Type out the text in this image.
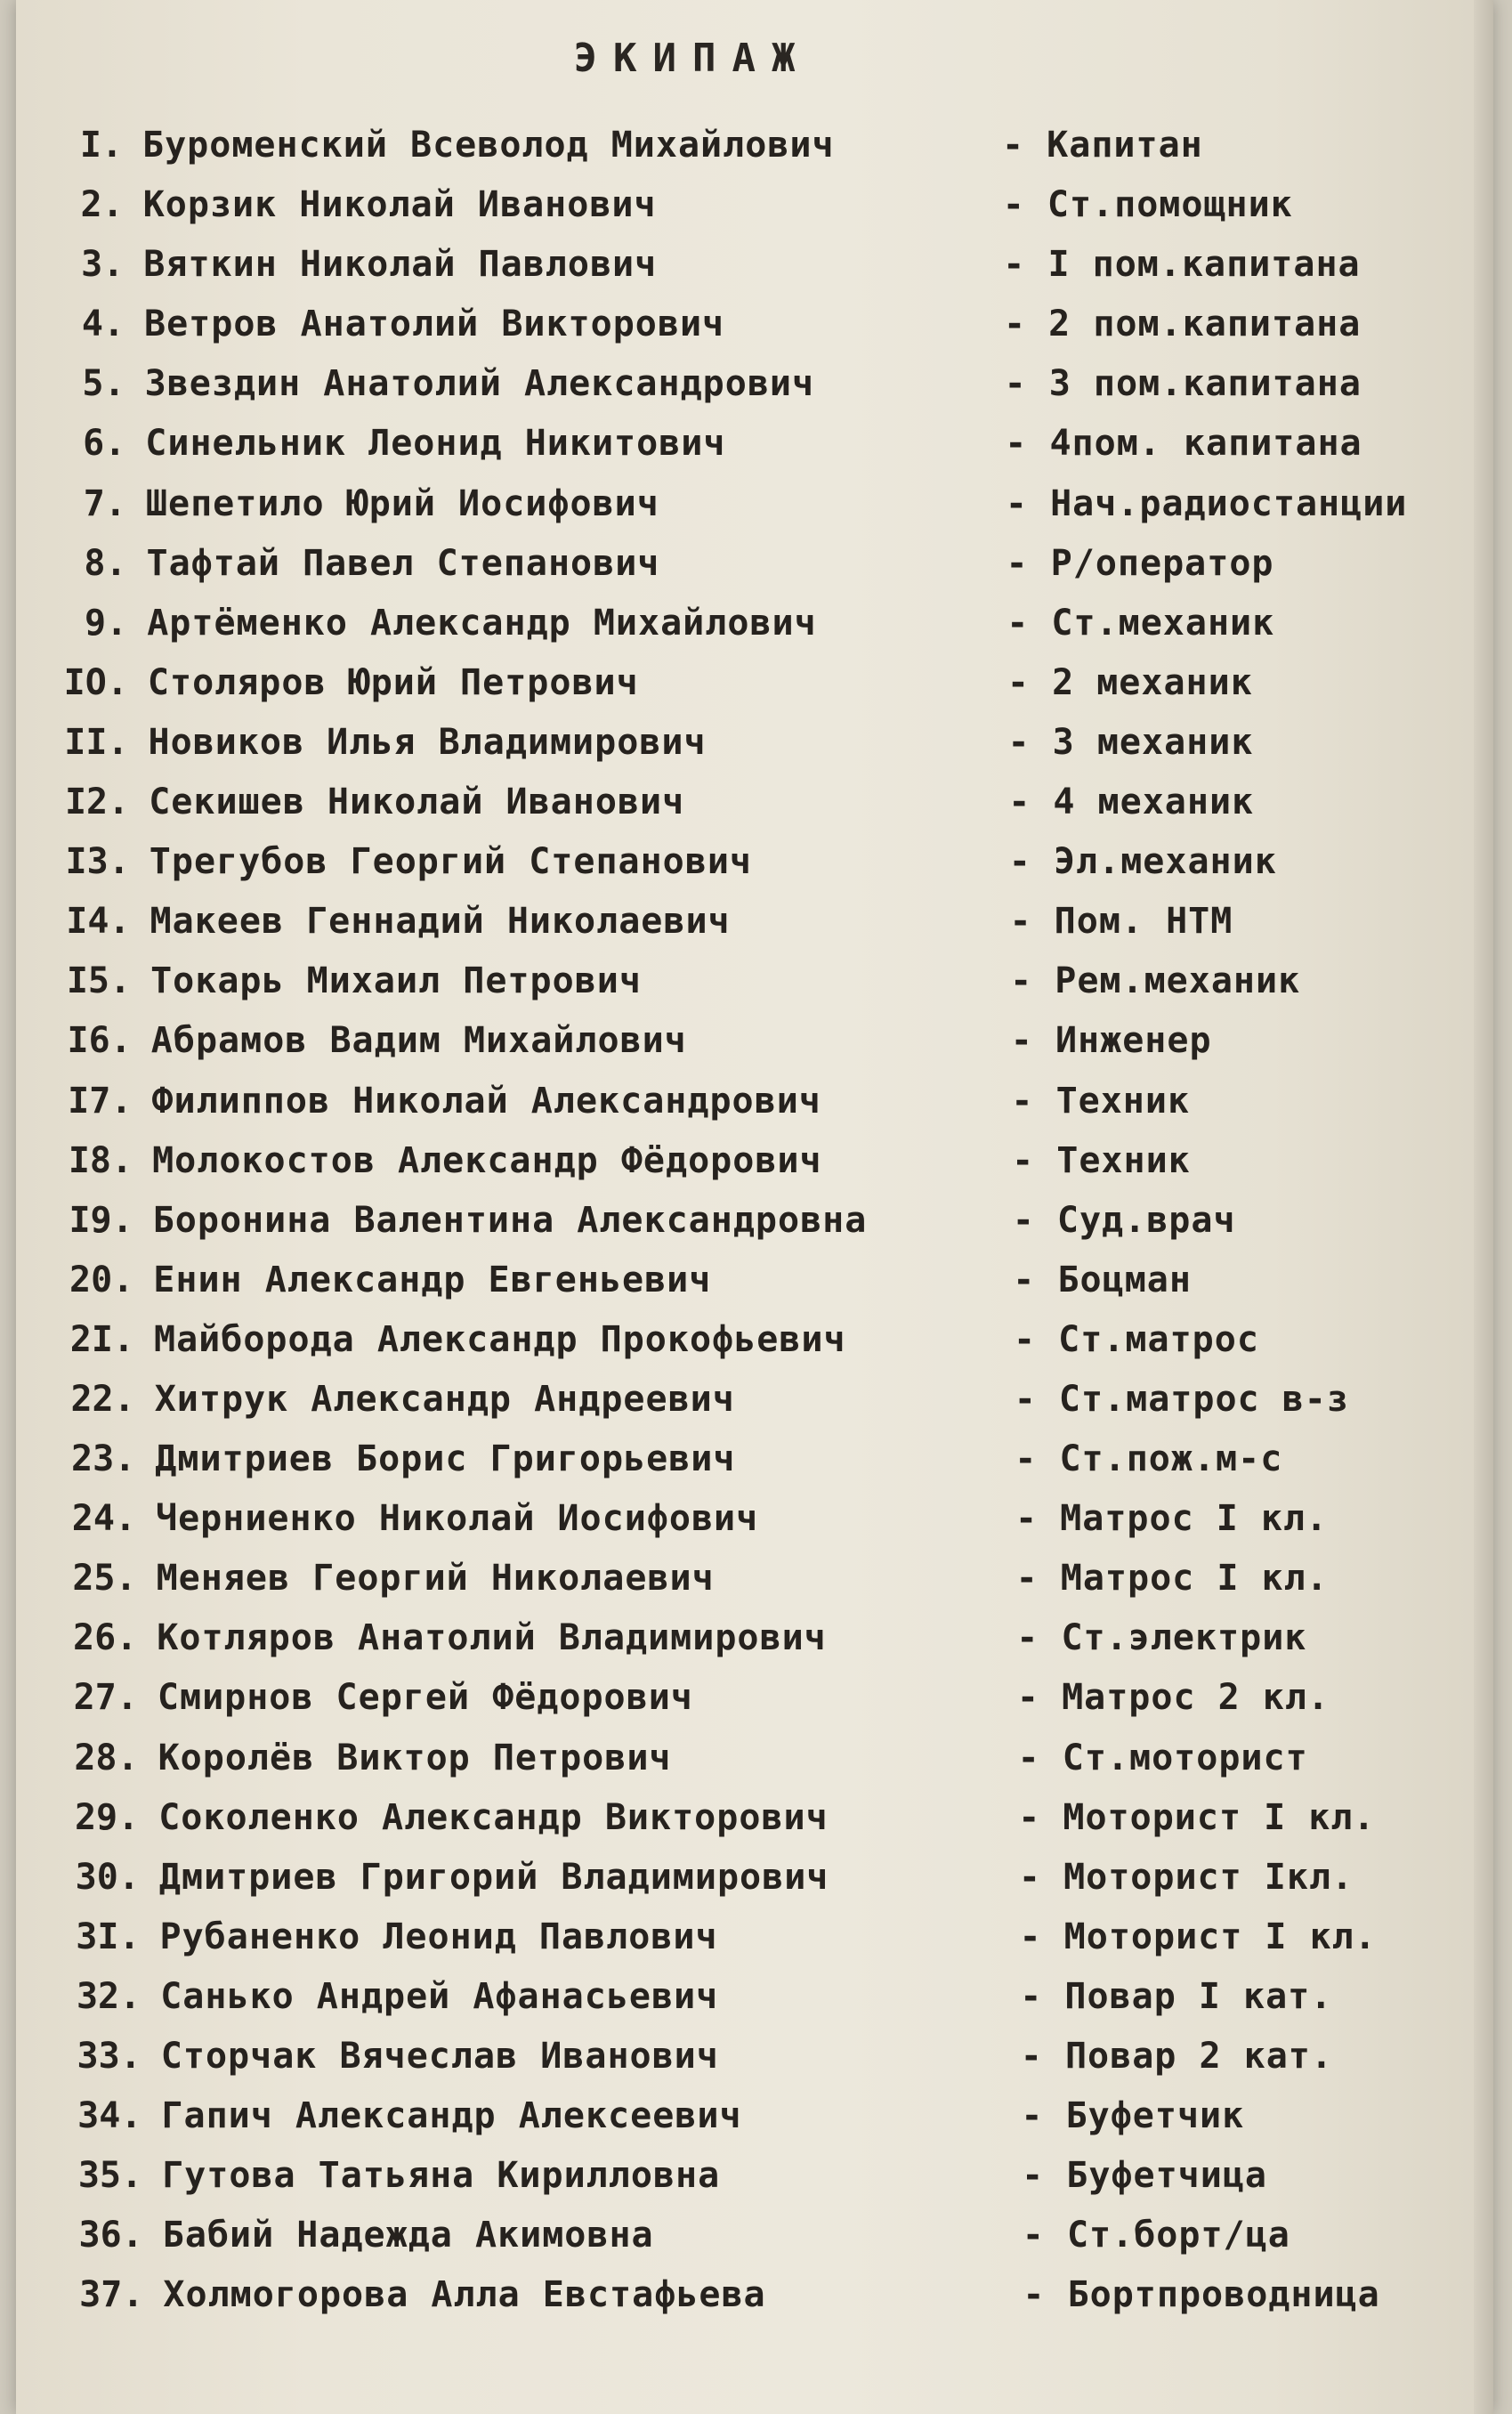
ЭКИПАЖ
I. Буроменский Всеволод Михайлович	- Капитан
2. Корзик Николай Иванович	- Ст.помощник
3. Вяткин Николай Павлович	- I пом.капитана
4. Ветров Анатолий Викторович	- 2 пом.капитана
5. Звездин Анатолий Александрович	- 3 пом.капитана
6. Синельник Леонид Никитович	- 4пом. капитана
7. Шепетило Юрий Иосифович	- Нач.радиостанции
8. Тафтай Павел Степанович	- Р/оператор
9. Артёменко Александр Михайлович	- Ст.механик
IO. Столяров Юрий Петрович	- 2 механик
II. Новиков Илья Владимирович	- 3 механик
I2. Секишев Николай Иванович	- 4 механик
I3. Трегубов Георгий Степанович	- Эл.механик
I4. Макеев Геннадий Николаевич	- Пом. НТМ
I5. Токарь Михаил Петрович	- Рем.механик
I6. Абрамов Вадим Михайлович	- Инженер
I7. Филиппов Николай Александрович	- Техник
I8. Молокостов Александр Фёдорович	- Техник
I9. Боронина Валентина Александровна	- Суд.врач
20. Енин Александр Евгеньевич	- Боцман
2I. Майборода Александр Прокофьевич	- Ст.матрос
22. Хитрук Александр Андреевич	- Ст.матрос в-з
23. Дмитриев Борис Григорьевич	- Ст.пож.м-с
24. Черниенко Николай Иосифович	- Матрос I кл.
25. Меняев Георгий Николаевич	- Матрос I кл.
26. Котляров Анатолий Владимирович	- Ст.электрик
27. Смирнов Сергей Фёдорович	- Матрос 2 кл.
28. Королёв Виктор Петрович	- Ст.моторист
29. Соколенко Александр Викторович	- Моторист I кл.
30. Дмитриев Григорий Владимирович	- Моторист Iкл.
3I. Рубаненко Леонид Павлович	- Моторист I кл.
32. Санько Андрей Афанасьевич	- Повар I кат.
33. Сторчак Вячеслав Иванович	- Повар 2 кат.
34. Гапич Александр Алексеевич	- Буфетчик
35. Гутова Татьяна Кирилловна	- Буфетчица
36. Бабий Надежда Акимовна	- Ст.борт/ца
37. Холмогорова Алла Евстафьева	- Бортпроводница
